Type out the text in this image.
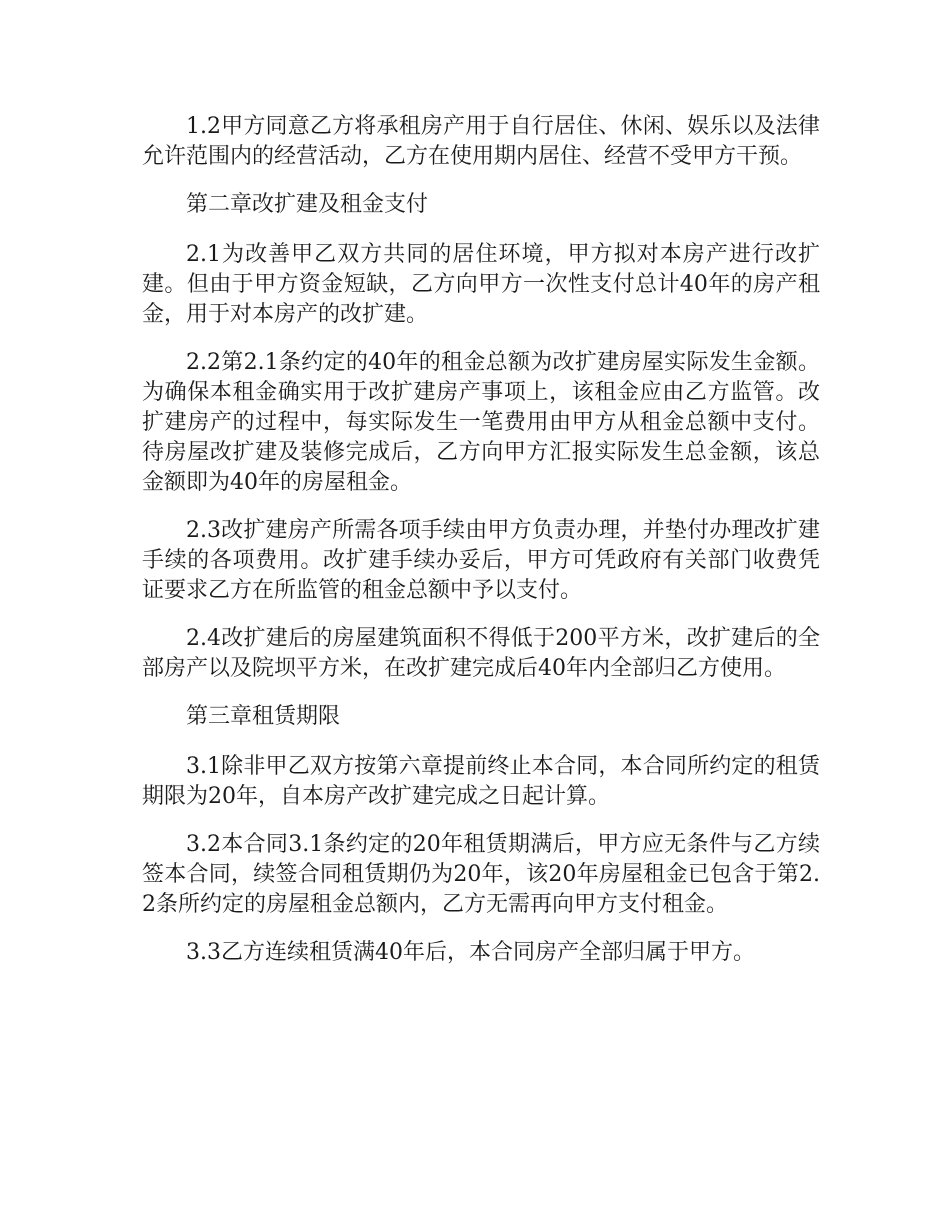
1.2甲方同意乙方将承租房产用于自行居住、休闲、娱乐以及法律允许范围内的经营活动，乙方在使用期内居住、经营不受甲方干预。

第二章改扩建及租金支付

2.1为改善甲乙双方共同的居住环境，甲方拟对本房产进行改扩建。但由于甲方资金短缺，乙方向甲方一次性支付总计40年的房产租金，用于对本房产的改扩建。

2.2第2.1条约定的40年的租金总额为改扩建房屋实际发生金额。为确保本租金确实用于改扩建房产事项上，该租金应由乙方监管。改扩建房产的过程中，每实际发生一笔费用由甲方从租金总额中支付。待房屋改扩建及装修完成后，乙方向甲方汇报实际发生总金额，该总金额即为40年的房屋租金。

2.3改扩建房产所需各项手续由甲方负责办理，并垫付办理改扩建手续的各项费用。改扩建手续办妥后，甲方可凭政府有关部门收费凭证要求乙方在所监管的租金总额中予以支付。

2.4改扩建后的房屋建筑面积不得低于200平方米，改扩建后的全部房产以及院坝平方米，在改扩建完成后40年内全部归乙方使用。

第三章租赁期限

3.1除非甲乙双方按第六章提前终止本合同，本合同所约定的租赁期限为20年，自本房产改扩建完成之日起计算。

3.2本合同3.1条约定的20年租赁期满后，甲方应无条件与乙方续签本合同，续签合同租赁期仍为20年，该20年房屋租金已包含于第2.2条所约定的房屋租金总额内，乙方无需再向甲方支付租金。

3.3乙方连续租赁满40年后，本合同房产全部归属于甲方。
